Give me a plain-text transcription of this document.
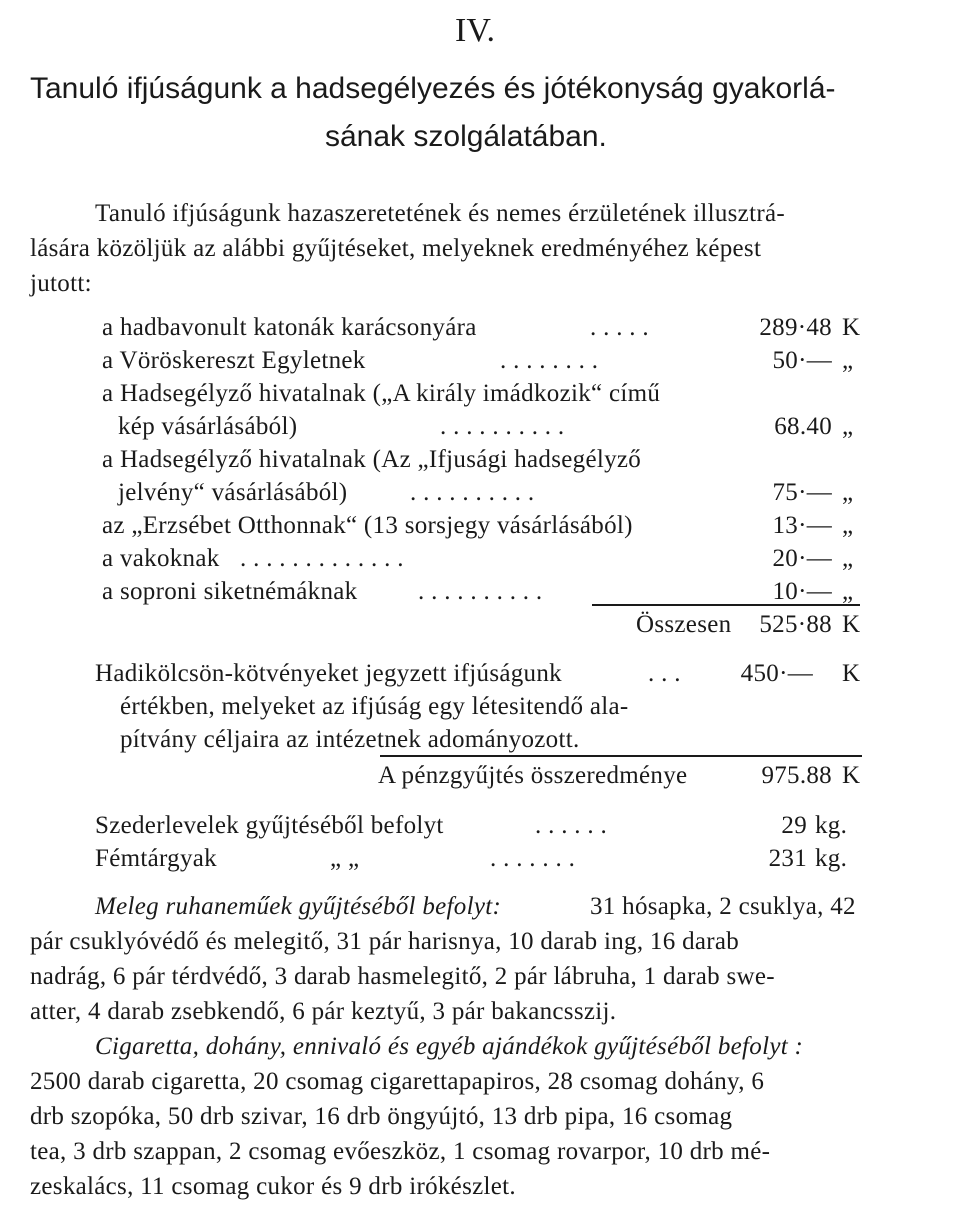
IV.
Tanuló ifjúságunk a hadsegélyezés és jótékonyság gyakorlá-
sának szolgálatában.
Tanuló ifjúságunk hazaszeretetének és nemes érzületének illusztrá-
lására közöljük az alábbi gyűjtéseket, melyeknek eredményéhez képest
jutott:
a hadbavonult katonák karácsonyára	. . . . .	289·48 K
a Vöröskereszt Egyletnek	. . . . . . . .	50·— „
a Hadsegélyző hivatalnak („A király imádkozik“ című
kép vásárlásából)	. . . . . . . . . .	68.40 „
a Hadsegélyző hivatalnak (Az „Ifjusági hadsegélyző
jelvény“ vásárlásából)	. . . . . . . . . .	75·— „
az „Erzsébet Otthonnak“ (13 sorsjegy vásárlásából)	13·— „
a vakoknak . . . . . . . . . . . . .	20·— „
a soproni siketnémáknak . . . . . . . . . .	10·— „
Összesen	525·88 K
Hadikölcsön-kötvényeket jegyzett ifjúságunk	. . .	450·— K
értékben, melyeket az ifjúság egy létesitendő ala-
pítvány céljaira az intézetnek adományozott.
A pénzgyűjtés összeredménye	975.88 K
Szederlevelek gyűjtéséből befolyt	. . . . . .	29 kg.
Fémtárgyak	„ „	. . . . . . .	231 kg.
Meleg ruhaneműek gyűjtéséből befolyt:	31 hósapka, 2 csuklya, 42
pár csuklyóvédő és melegitő, 31 pár harisnya, 10 darab ing, 16 darab
nadrág, 6 pár térdvédő, 3 darab hasmelegitő, 2 pár lábruha, 1 darab swe-
atter, 4 darab zsebkendő, 6 pár keztyű, 3 pár bakancsszij.
Cigaretta, dohány, ennivaló és egyéb ajándékok gyűjtéséből befolyt :
2500 darab cigaretta, 20 csomag cigarettapapiros, 28 csomag dohány, 6
drb szopóka, 50 drb szivar, 16 drb öngyújtó, 13 drb pipa, 16 csomag
tea, 3 drb szappan, 2 csomag evőeszköz, 1 csomag rovarpor, 10 drb mé-
zeskalács, 11 csomag cukor és 9 drb irókészlet.
